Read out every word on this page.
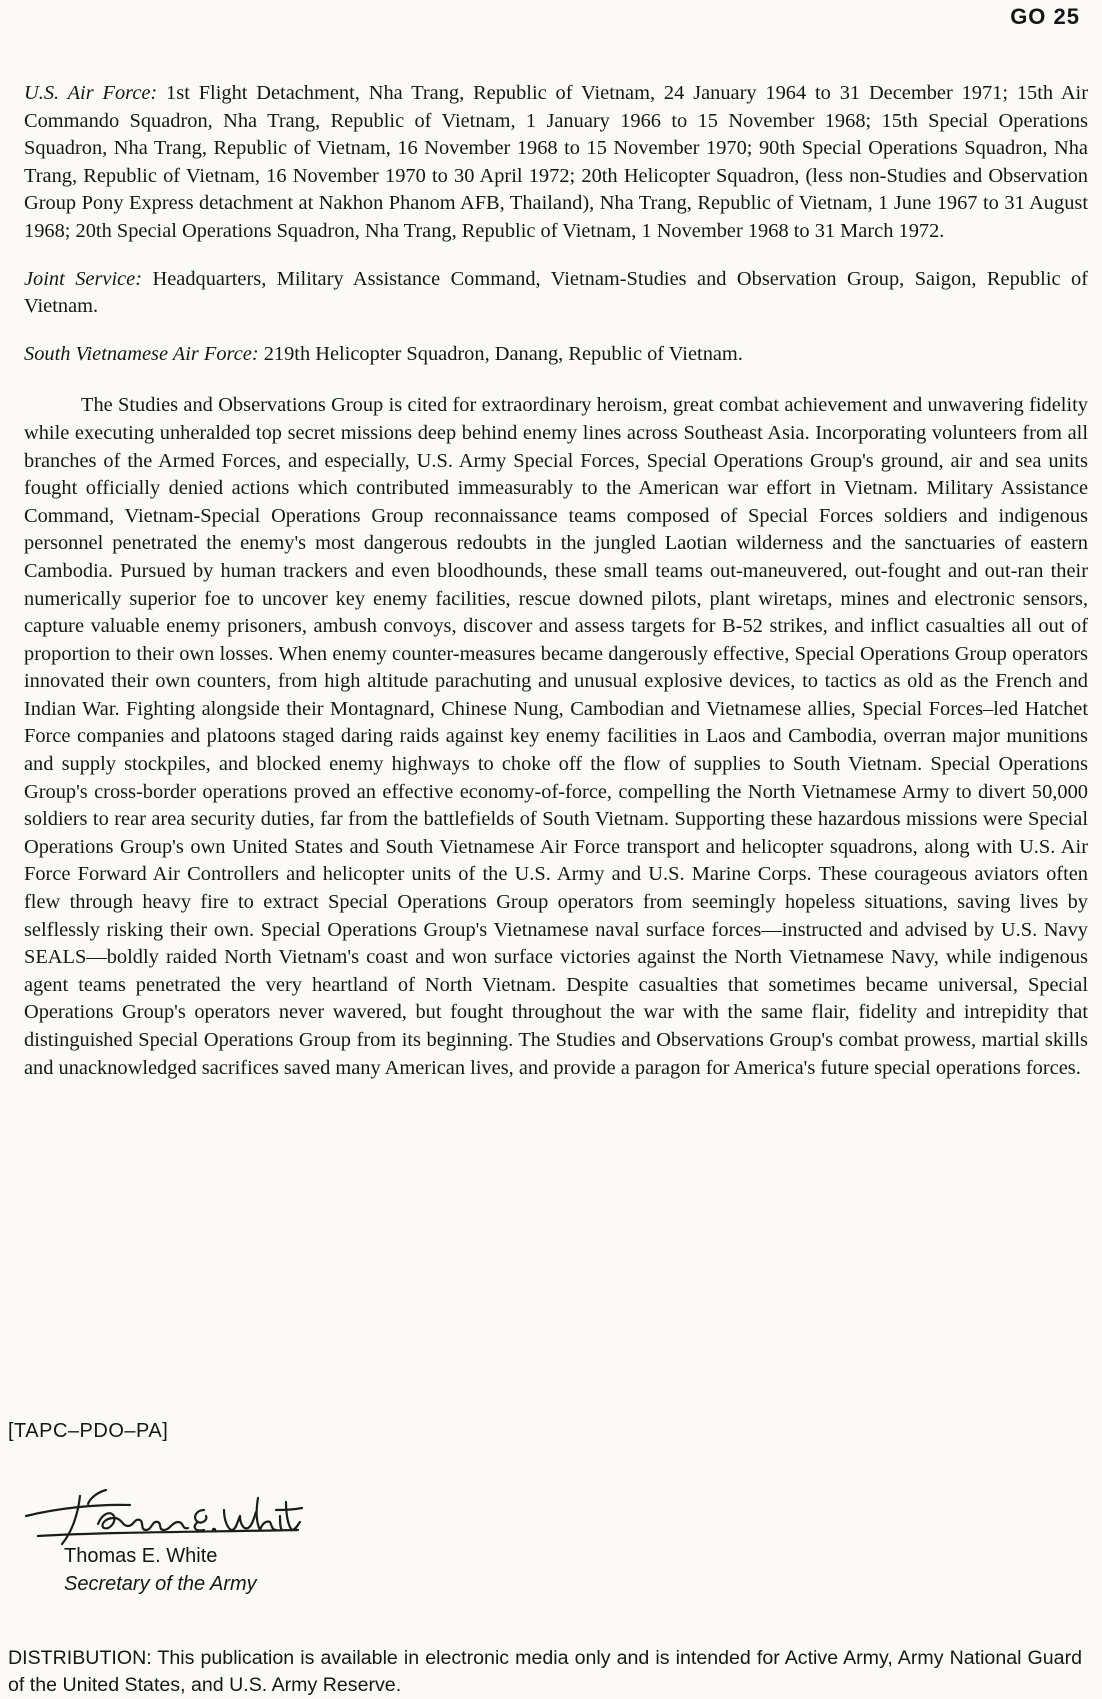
GO 25

U.S. Air Force: 1st Flight Detachment, Nha Trang, Republic of Vietnam, 24 January 1964 to 31 December 1971; 15th Air Commando Squadron, Nha Trang, Republic of Vietnam, 1 January 1966 to 15 November 1968; 15th Special Operations Squadron, Nha Trang, Republic of Vietnam, 16 November 1968 to 15 November 1970; 90th Special Operations Squadron, Nha Trang, Republic of Vietnam, 16 November 1970 to 30 April 1972; 20th Helicopter Squadron, (less non-Studies and Observation Group Pony Express detachment at Nakhon Phanom AFB, Thailand), Nha Trang, Republic of Vietnam, 1 June 1967 to 31 August 1968; 20th Special Operations Squadron, Nha Trang, Republic of Vietnam, 1 November 1968 to 31 March 1972.

Joint Service: Headquarters, Military Assistance Command, Vietnam-Studies and Observation Group, Saigon, Republic of Vietnam.

South Vietnamese Air Force: 219th Helicopter Squadron, Danang, Republic of Vietnam.

The Studies and Observations Group is cited for extraordinary heroism, great combat achievement and unwavering fidelity while executing unheralded top secret missions deep behind enemy lines across Southeast Asia. Incorporating volunteers from all branches of the Armed Forces, and especially, U.S. Army Special Forces, Special Operations Group's ground, air and sea units fought officially denied actions which contributed immeasurably to the American war effort in Vietnam. Military Assistance Command, Vietnam-Special Operations Group reconnaissance teams composed of Special Forces soldiers and indigenous personnel penetrated the enemy's most dangerous redoubts in the jungled Laotian wilderness and the sanctuaries of eastern Cambodia. Pursued by human trackers and even bloodhounds, these small teams out-maneuvered, out-fought and out-ran their numerically superior foe to uncover key enemy facilities, rescue downed pilots, plant wiretaps, mines and electronic sensors, capture valuable enemy prisoners, ambush convoys, discover and assess targets for B-52 strikes, and inflict casualties all out of proportion to their own losses. When enemy counter-measures became dangerously effective, Special Operations Group operators innovated their own counters, from high altitude parachuting and unusual explosive devices, to tactics as old as the French and Indian War. Fighting alongside their Montagnard, Chinese Nung, Cambodian and Vietnamese allies, Special Forces–led Hatchet Force companies and platoons staged daring raids against key enemy facilities in Laos and Cambodia, overran major munitions and supply stockpiles, and blocked enemy highways to choke off the flow of supplies to South Vietnam. Special Operations Group's cross-border operations proved an effective economy-of-force, compelling the North Vietnamese Army to divert 50,000 soldiers to rear area security duties, far from the battlefields of South Vietnam. Supporting these hazardous missions were Special Operations Group's own United States and South Vietnamese Air Force transport and helicopter squadrons, along with U.S. Air Force Forward Air Controllers and helicopter units of the U.S. Army and U.S. Marine Corps. These courageous aviators often flew through heavy fire to extract Special Operations Group operators from seemingly hopeless situations, saving lives by selflessly risking their own. Special Operations Group's Vietnamese naval surface forces—instructed and advised by U.S. Navy SEALS—boldly raided North Vietnam's coast and won surface victories against the North Vietnamese Navy, while indigenous agent teams penetrated the very heartland of North Vietnam. Despite casualties that sometimes became universal, Special Operations Group's operators never wavered, but fought throughout the war with the same flair, fidelity and intrepidity that distinguished Special Operations Group from its beginning. The Studies and Observations Group's combat prowess, martial skills and unacknowledged sacrifices saved many American lives, and provide a paragon for America's future special operations forces.

[TAPC–PDO–PA]
Thomas E. White
Secretary of the Army

DISTRIBUTION: This publication is available in electronic media only and is intended for Active Army, Army National Guard of the United States, and U.S. Army Reserve.
